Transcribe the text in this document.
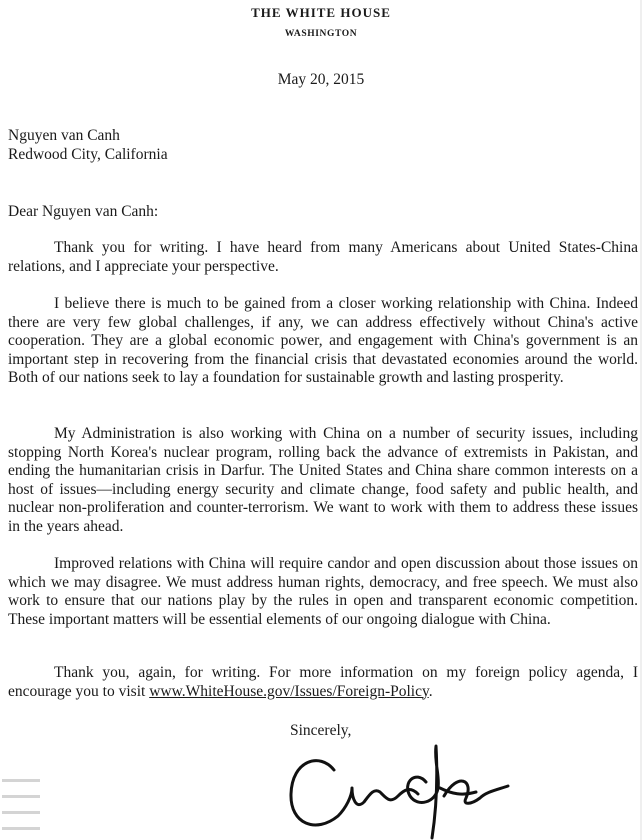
THE WHITE HOUSE
WASHINGTON
May 20, 2015
Nguyen van Canh
Redwood City, California
Dear Nguyen van Canh:

Thank you for writing. I have heard from many Americans about United States-China relations, and I appreciate your perspective.

I believe there is much to be gained from a closer working relationship with China. Indeed there are very few global challenges, if any, we can address effectively without China's active cooperation. They are a global economic power, and engagement with China's government is an important step in recovering from the financial crisis that devastated economies around the world. Both of our nations seek to lay a foundation for sustainable growth and lasting prosperity.

My Administration is also working with China on a number of security issues, including stopping North Korea's nuclear program, rolling back the advance of extremists in Pakistan, and ending the humanitarian crisis in Darfur. The United States and China share common interests on a host of issues—including energy security and climate change, food safety and public health, and nuclear non-proliferation and counter-terrorism. We want to work with them to address these issues in the years ahead.

Improved relations with China will require candor and open discussion about those issues on which we may disagree. We must address human rights, democracy, and free speech. We must also work to ensure that our nations play by the rules in open and transparent economic competition. These important matters will be essential elements of our ongoing dialogue with China.

Thank you, again, for writing. For more information on my foreign policy agenda, I encourage you to visit www.WhiteHouse.gov/Issues/Foreign-Policy.

Sincerely,
